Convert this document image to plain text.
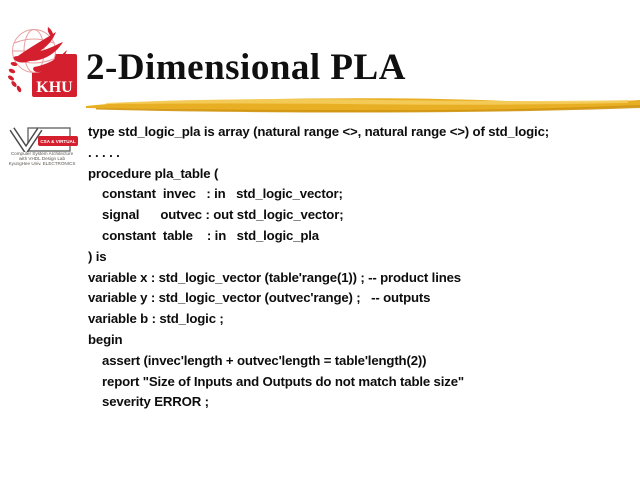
KHU 2-Dimensional PLA
CSA & VIRTUAL
Computer System Architecture
with VHDL Design Lab
KyungHee Univ. ELECTRONICS
type std_logic_pla is array (natural range <>, natural range <>) of std_logic;
. . . . .
procedure pla_table (
constant  invec   : in   std_logic_vector;
signal      outvec : out std_logic_vector;
constant  table    : in   std_logic_pla
) is
variable x : std_logic_vector (table'range(1)) ; -- product lines
variable y : std_logic_vector (outvec'range) ;   -- outputs
variable b : std_logic ;
begin
assert (invec'length + outvec'length = table'length(2))
report "Size of Inputs and Outputs do not match table size"
severity ERROR ;
